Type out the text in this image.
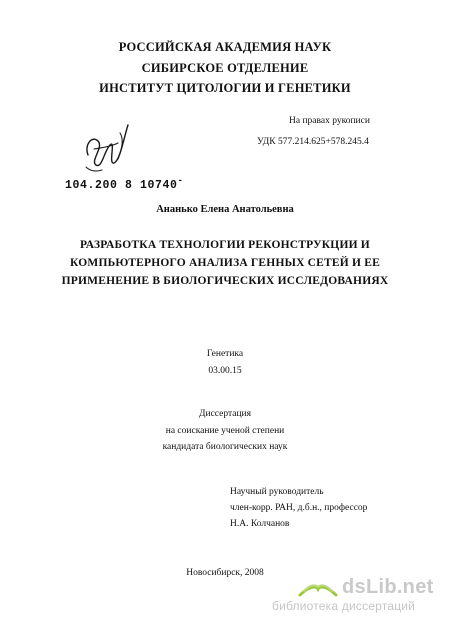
РОССИЙСКАЯ АКАДЕМИЯ НАУК
СИБИРСКОЕ ОТДЕЛЕНИЕ
ИНСТИТУТ ЦИТОЛОГИИ И ГЕНЕТИКИ
На правах рукописи
УДК 577.214.625+578.245.4
104.200 8 10740-
Ананько Елена Анатольевна
РАЗРАБОТКА ТЕХНОЛОГИИ РЕКОНСТРУКЦИИ И
КОМПЬЮТЕРНОГО АНАЛИЗА ГЕННЫХ СЕТЕЙ И ЕЕ
ПРИМЕНЕНИЕ В БИОЛОГИЧЕСКИХ ИССЛЕДОВАНИЯХ
Генетика
03.00.15
Диссертация
на соискание ученой степени
кандидата биологических наук
Научный руководитель
член-корр. РАН, д.б.н., профессор
Н.А. Колчанов
Новосибирск, 2008
dsLib.net
библиотека диссертаций
